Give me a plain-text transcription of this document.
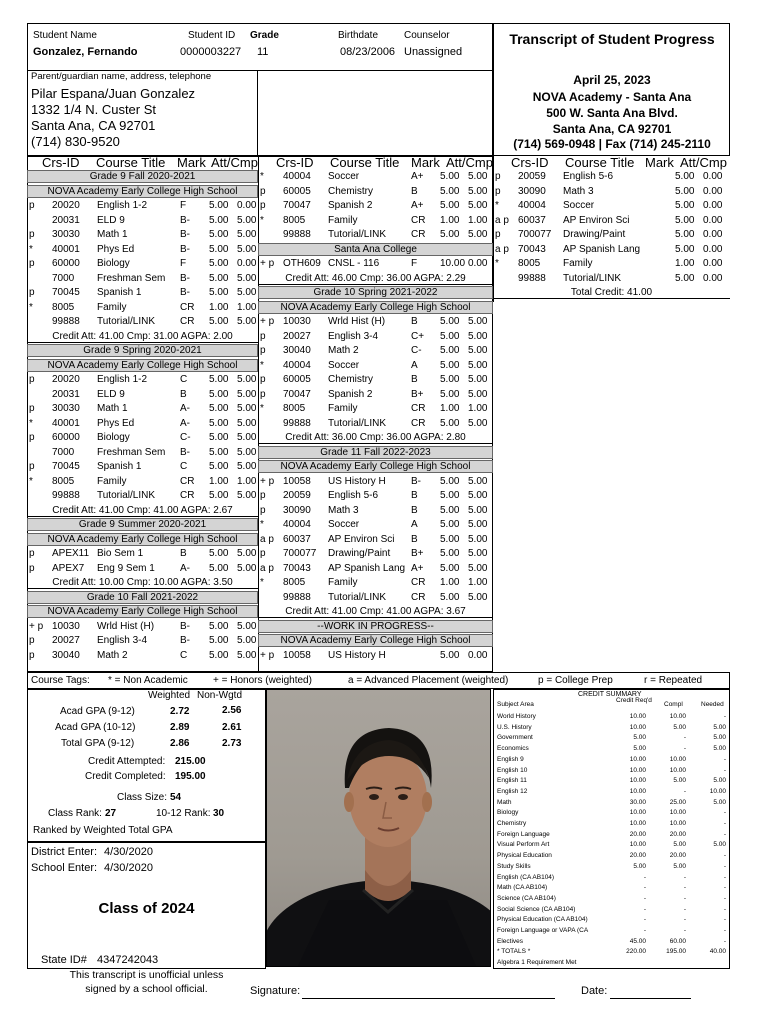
Student Name
Gonzalez, Fernando
Student ID
0000003227
Grade
11
Birthdate
08/23/2006
Counselor
Unassigned
Parent/guardian name, address, telephone
Pilar Espana/Juan Gonzalez
1332 1/4 N. Custer St
Santa Ana, CA 92701
(714) 830-9520
Transcript of Student Progress
April 25, 2023
NOVA Academy - Santa Ana
500 W. Santa Ana Blvd.
Santa Ana, CA 92701
(714) 569-0948 | Fax (714) 245-2110
Crs-ID Course Title Mark Att/Cmp Crs-ID Course Title Mark Att/Cmp Crs-ID Course Title Mark Att/Cmp
Grade 9 Fall 2020-2021
NOVA Academy Early College High School
p 20020 English 1-2	F 5.00 0.00
20031 ELD 9	B- 5.00 5.00
p 30030 Math 1	B- 5.00 5.00
* 40001 Phys Ed	B- 5.00 5.00
p 60000 Biology	F 5.00 0.00
7000 Freshman Sem B- 5.00 5.00
p 70045 Spanish 1	B- 5.00 5.00
* 8005 Family	CR 1.00 1.00
99888 Tutorial/LINK	CR 5.00 5.00
Credit Att: 41.00 Cmp: 31.00 AGPA: 2.00
Grade 9 Spring 2020-2021
NOVA Academy Early College High School
p 20020 English 1-2	C 5.00 5.00
20031 ELD 9	B 5.00 5.00
p 30030 Math 1	A- 5.00 5.00
* 40001 Phys Ed	A- 5.00 5.00
p 60000 Biology	C- 5.00 5.00
7000 Freshman Sem B- 5.00 5.00
p 70045 Spanish 1	C 5.00 5.00
* 8005 Family	CR 1.00 1.00
99888 Tutorial/LINK	CR 5.00 5.00
Credit Att: 41.00 Cmp: 41.00 AGPA: 2.67
Grade 9 Summer 2020-2021
NOVA Academy Early College High School
p APEX11 Bio Sem 1	B 5.00 5.00
p APEX7 Eng 9 Sem 1	A- 5.00 5.00
Credit Att: 10.00 Cmp: 10.00 AGPA: 3.50
Grade 10 Fall 2021-2022
NOVA Academy Early College High School
+ p 10030 Wrld Hist (H)	B- 5.00 5.00
p 20027 English 3-4	B- 5.00 5.00
p 30040 Math 2	C 5.00 5.00
* 40004 Soccer	A+ 5.00 5.00
p 60005 Chemistry	B 5.00 5.00
p 70047 Spanish 2	A+ 5.00 5.00
* 8005 Family	CR 1.00 1.00
99888 Tutorial/LINK	CR 5.00 5.00
Santa Ana College
+ p OTH609 CNSL - 116	F 10.00 0.00
Credit Att: 46.00 Cmp: 36.00 AGPA: 2.29
Grade 10 Spring 2021-2022
NOVA Academy Early College High School
+ p 10030 Wrld Hist (H)	B 5.00 5.00
p 20027 English 3-4	C+ 5.00 5.00
p 30040 Math 2	C- 5.00 5.00
* 40004 Soccer	A 5.00 5.00
p 60005 Chemistry	B 5.00 5.00
p 70047 Spanish 2	B+ 5.00 5.00
* 8005 Family	CR 1.00 1.00
99888 Tutorial/LINK	CR 5.00 5.00
Credit Att: 36.00 Cmp: 36.00 AGPA: 2.80
Grade 11 Fall 2022-2023
NOVA Academy Early College High School
+ p 10058 US History H	B- 5.00 5.00
p 20059 English 5-6	B 5.00 5.00
p 30090 Math 3	B 5.00 5.00
* 40004 Soccer	A 5.00 5.00
a p 60037 AP Environ Sci B 5.00 5.00
p 700077 Drawing/Paint B+ 5.00 5.00
a p 70043 AP Spanish Lang A+ 5.00 5.00
* 8005 Family	CR 1.00 1.00
99888 Tutorial/LINK	CR 5.00 5.00
Credit Att: 41.00 Cmp: 41.00 AGPA: 3.67
--WORK IN PROGRESS--
NOVA Academy Early College High School
+ p 10058 US History H	5.00 0.00
p 20059 English 5-6	5.00 0.00
p 30090 Math 3	5.00 0.00
* 40004 Soccer	5.00 0.00
a p 60037 AP Environ Sci	5.00 0.00
p 700077 Drawing/Paint	5.00 0.00
a p 70043 AP Spanish Lang	5.00 0.00
* 8005 Family	1.00 0.00
99888 Tutorial/LINK	5.00 0.00
Total Credit: 41.00
Course Tags: * = Non Academic	+ = Honors (weighted)	a = Advanced Placement (weighted)	p = College Prep	r = Repeated
Weighted Non-Wgtd
Acad GPA (9-12)	2.72	2.56
Acad GPA (10-12)	2.89	2.61
Total GPA (9-12)	2.86	2.73
Credit Attempted: 215.00
Credit Completed: 195.00
Class Size: 54
Class Rank: 27	10-12 Rank: 30
Ranked by Weighted Total GPA
District Enter: 4/30/2020
School Enter: 4/30/2020
Class of 2024
State ID# 4347242043
CREDIT SUMMARY
Subject Area
Credit Req'd
Compl	Needed
World History	10.00	10.00	-
U.S. History	10.00	5.00	5.00
Government	5.00	-	5.00
Economics	5.00	-	5.00
English 9	10.00	10.00	-
English 10	10.00	10.00	-
English 11	10.00	5.00	5.00
English 12	10.00	-	10.00
Math	30.00	25.00	5.00
Biology	10.00	10.00	-
Chemistry	10.00	10.00	-
Foreign Language	20.00	20.00	-
Visual Perform Art	10.00	5.00	5.00
Physical Education	20.00	20.00	-
Study Skills	5.00	5.00	-
English (CA AB104)	-	-	-
Math (CA AB104)	-	-	-
Science (CA AB104)	-	-	-
Social Science (CA AB104)	-	-	-
Physical Education (CA AB104)	-	-	-
Foreign Language or VAPA (CA	-	-	-
Electives	45.00	60.00	-
* TOTALS *	220.00	195.00	40.00
Algebra 1 Requirement Met
This transcript is unofficial unless
signed by a school official.	Signature:	Date:
